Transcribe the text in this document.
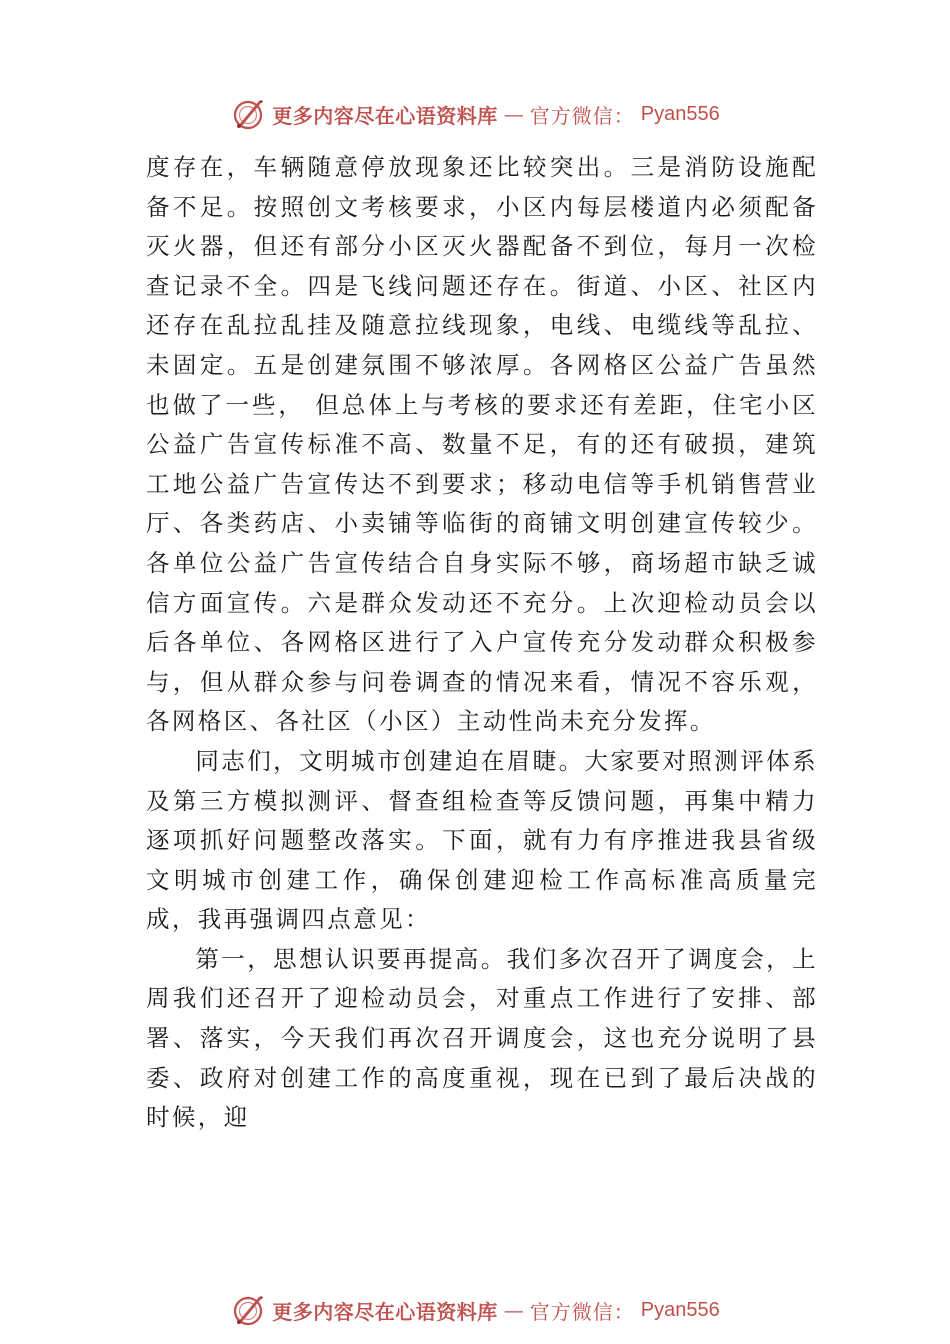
更多内容尽在心语资料库 — 官方微信： Pyan556

度存在，车辆随意停放现象还比较突出。三是消防设施配备不足。按照创文考核要求，小区内每层楼道内必须配备灭火器，但还有部分小区灭火器配备不到位，每月一次检查记录不全。四是飞线问题还存在。街道、小区、社区内还存在乱拉乱挂及随意拉线现象，电线、电缆线等乱拉、未固定。五是创建氛围不够浓厚。各网格区公益广告虽然也做了一些， 但总体上与考核的要求还有差距，住宅小区公益广告宣传标准不高、数量不足，有的还有破损，建筑工地公益广告宣传达不到要求；移动电信等手机销售营业厅、各类药店、小卖铺等临街的商铺文明创建宣传较少。各单位公益广告宣传结合自身实际不够，商场超市缺乏诚信方面宣传。六是群众发动还不充分。上次迎检动员会以后各单位、各网格区进行了入户宣传充分发动群众积极参与，但从群众参与问卷调查的情况来看，情况不容乐观，各网格区、各社区（小区）主动性尚未充分发挥。

同志们，文明城市创建迫在眉睫。大家要对照测评体系及第三方模拟测评、督查组检查等反馈问题，再集中精力逐项抓好问题整改落实。下面，就有力有序推进我县省级文明城市创建工作，确保创建迎检工作高标准高质量完成，我再强调四点意见：

第一，思想认识要再提高。我们多次召开了调度会，上周我们还召开了迎检动员会，对重点工作进行了安排、部署、落实，今天我们再次召开调度会，这也充分说明了县委、政府对创建工作的高度重视，现在已到了最后决战的时候，迎

更多内容尽在心语资料库 — 官方微信： Pyan556
